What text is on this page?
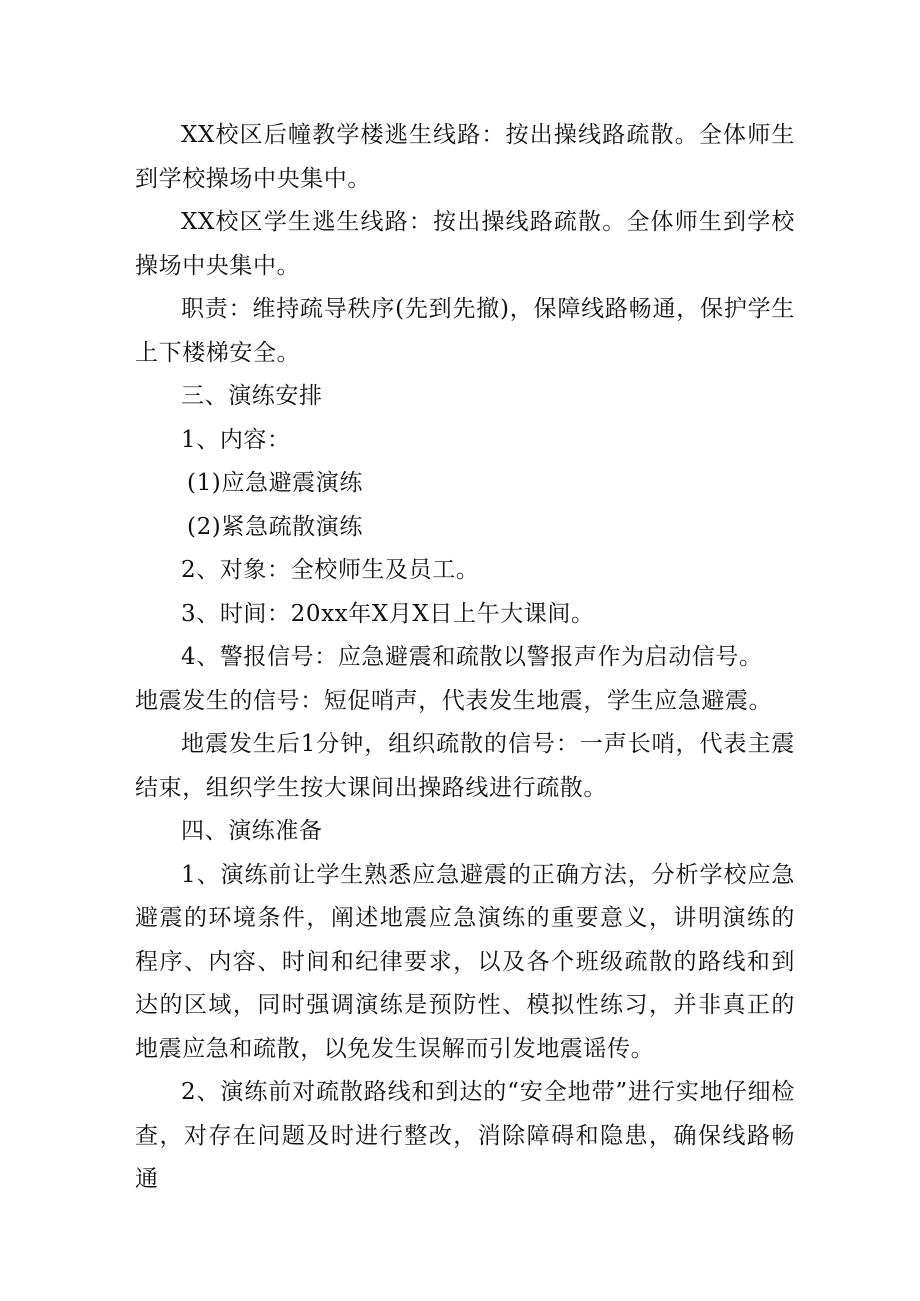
XX校区后幢教学楼逃生线路：按出操线路疏散。全体师生到学校操场中央集中。

XX校区学生逃生线路：按出操线路疏散。全体师生到学校操场中央集中。

职责：维持疏导秩序(先到先撤)，保障线路畅通，保护学生上下楼梯安全。

三、演练安排

1、内容：

(1)应急避震演练

(2)紧急疏散演练

2、对象：全校师生及员工。

3、时间：20xx年X月X日上午大课间。

4、警报信号：应急避震和疏散以警报声作为启动信号。

地震发生的信号：短促哨声，代表发生地震，学生应急避震。

地震发生后1分钟，组织疏散的信号：一声长哨，代表主震结束，组织学生按大课间出操路线进行疏散。

四、演练准备

1、演练前让学生熟悉应急避震的正确方法，分析学校应急避震的环境条件，阐述地震应急演练的重要意义，讲明演练的程序、内容、时间和纪律要求，以及各个班级疏散的路线和到达的区域，同时强调演练是预防性、模拟性练习，并非真正的地震应急和疏散，以免发生误解而引发地震谣传。

2、演练前对疏散路线和到达的“安全地带”进行实地仔细检查，对存在问题及时进行整改，消除障碍和隐患，确保线路畅通
